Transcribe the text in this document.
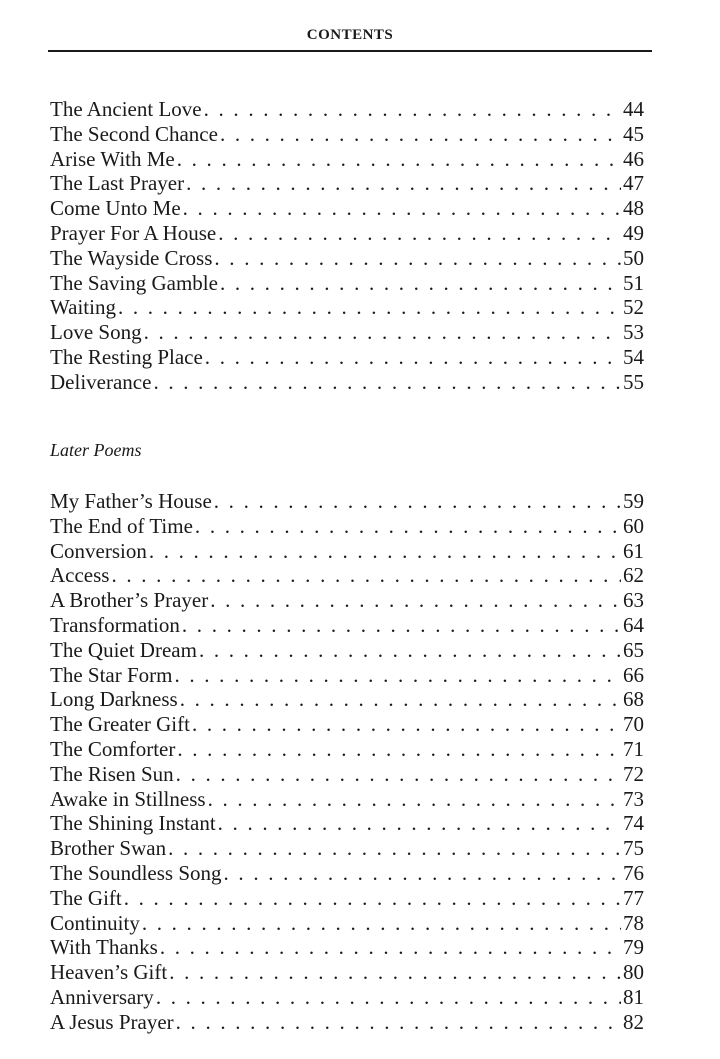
CONTENTS
The Ancient Love . . .	44
The Second Chance . . .	45
Arise With Me . . .	46
The Last Prayer . . .	47
Come Unto Me . . .	48
Prayer For A House . . .	49
The Wayside Cross . . .	50
The Saving Gamble . . .	51
Waiting . . .	52
Love Song . . .	53
The Resting Place . . .	54
Deliverance . . .	55
Later Poems
My Father’s House . . .	59
The End of Time . . .	60
Conversion . . .	61
Access . . .	62
A Brother’s Prayer . . .	63
Transformation . . .	64
The Quiet Dream . . .	65
The Star Form . . .	66
Long Darkness . . .	68
The Greater Gift . . .	70
The Comforter . . .	71
The Risen Sun . . .	72
Awake in Stillness . . .	73
The Shining Instant . . .	74
Brother Swan . . .	75
The Soundless Song . . .	76
The Gift . . .	77
Continuity . . .	78
With Thanks . . .	79
Heaven’s Gift . . .	80
Anniversary . . .	81
A Jesus Prayer . . .	82
